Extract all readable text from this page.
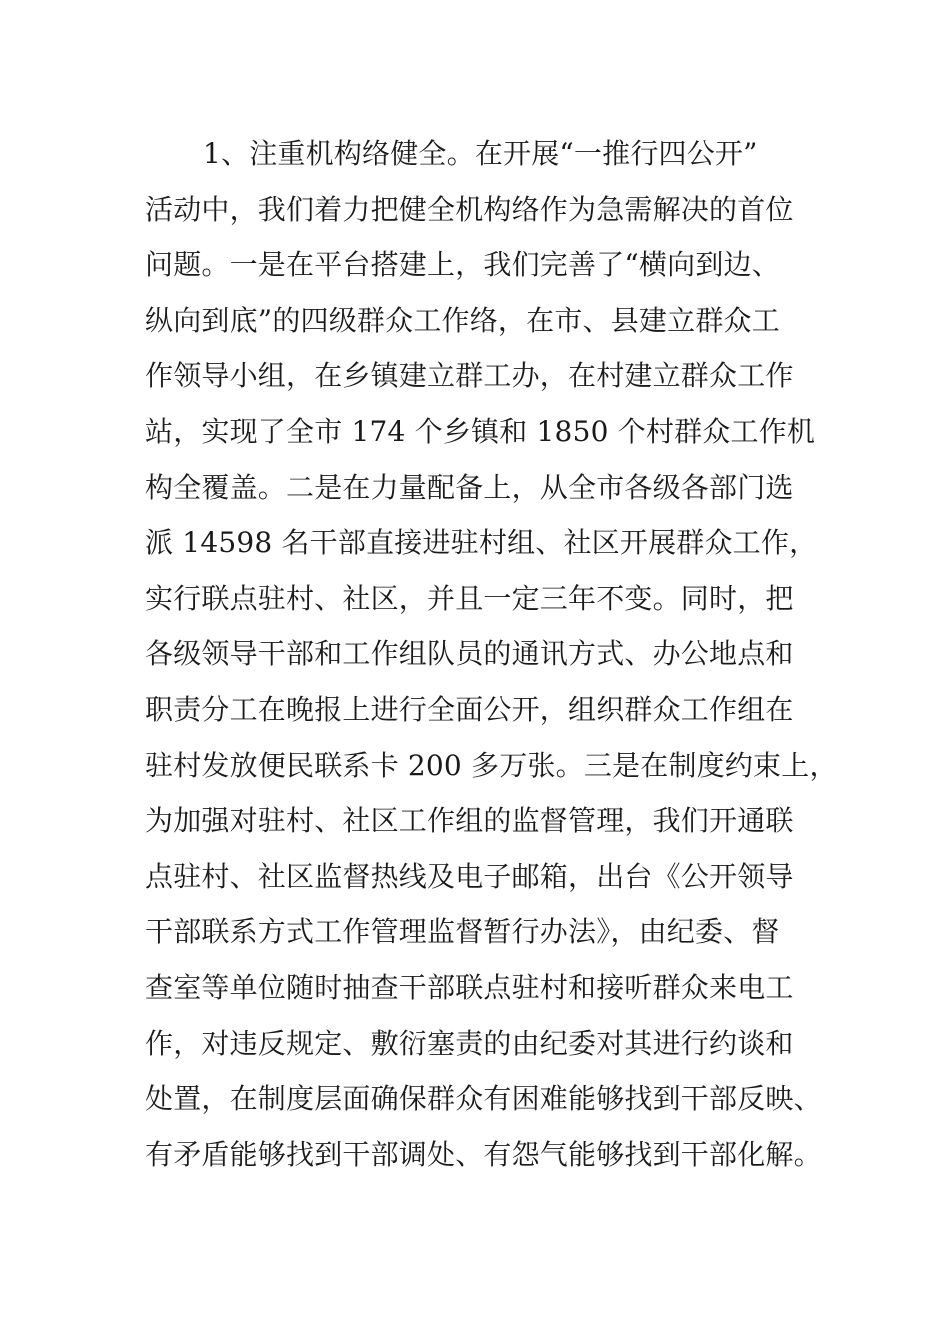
1、注重机构络健全。在开展“一推行四公开”
活动中，我们着力把健全机构络作为急需解决的首位
问题。一是在平台搭建上，我们完善了“横向到边、
纵向到底”的四级群众工作络，在市、县建立群众工
作领导小组，在乡镇建立群工办，在村建立群众工作
站，实现了全市 174 个乡镇和 1850 个村群众工作机
构全覆盖。二是在力量配备上，从全市各级各部门选
派 14598 名干部直接进驻村组、社区开展群众工作，
实行联点驻村、社区，并且一定三年不变。同时，把
各级领导干部和工作组队员的通讯方式、办公地点和
职责分工在晚报上进行全面公开，组织群众工作组在
驻村发放便民联系卡 200 多万张。三是在制度约束上，
为加强对驻村、社区工作组的监督管理，我们开通联
点驻村、社区监督热线及电子邮箱，出台《公开领导
干部联系方式工作管理监督暂行办法》，由纪委、督
查室等单位随时抽查干部联点驻村和接听群众来电工
作，对违反规定、敷衍塞责的由纪委对其进行约谈和
处置，在制度层面确保群众有困难能够找到干部反映、
有矛盾能够找到干部调处、有怨气能够找到干部化解。
